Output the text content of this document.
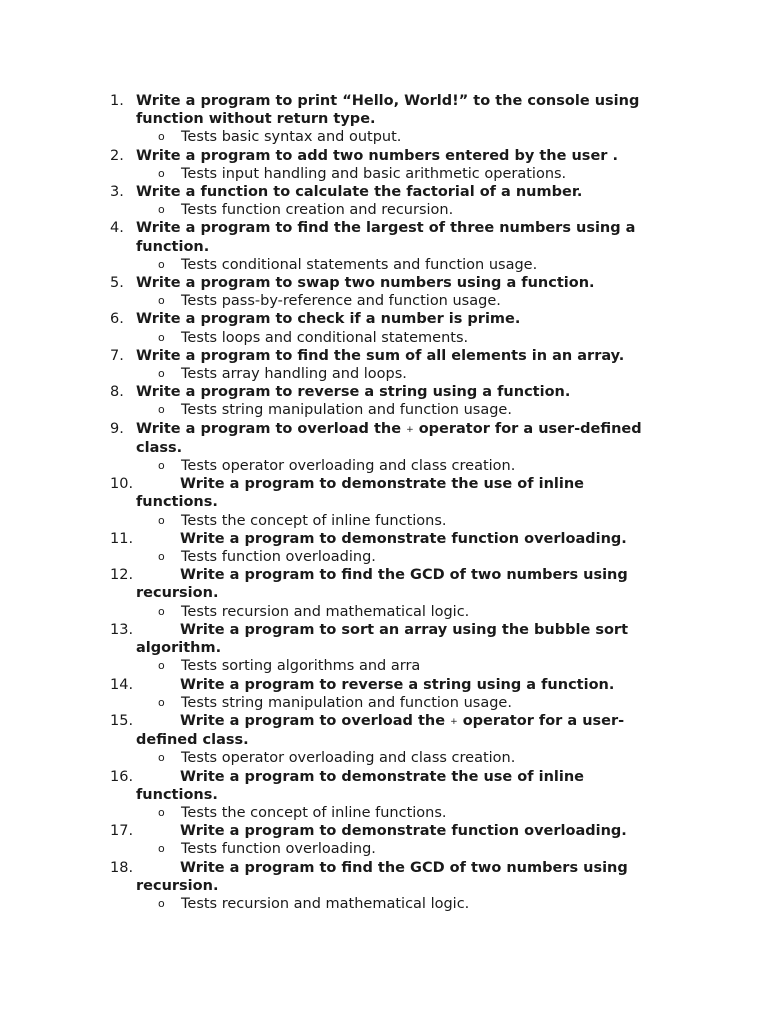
1. Write a program to print “Hello, World!” to the console using function without return type.
o Tests basic syntax and output.
2. Write a program to add two numbers entered by the user .
o Tests input handling and basic arithmetic operations.
3. Write a function to calculate the factorial of a number.
o Tests function creation and recursion.
4. Write a program to find the largest of three numbers using a function.
o Tests conditional statements and function usage.
5. Write a program to swap two numbers using a function.
o Tests pass-by-reference and function usage.
6. Write a program to check if a number is prime.
o Tests loops and conditional statements.
7. Write a program to find the sum of all elements in an array.
o Tests array handling and loops.
8. Write a program to reverse a string using a function.
o Tests string manipulation and function usage.
9. Write a program to overload the + operator for a user-defined class.
o Tests operator overloading and class creation.
10.	Write a program to demonstrate the use of inline functions.
o Tests the concept of inline functions.
11.	Write a program to demonstrate function overloading.
o Tests function overloading.
12.	Write a program to find the GCD of two numbers using recursion.
o Tests recursion and mathematical logic.
13.	Write a program to sort an array using the bubble sort algorithm.
o Tests sorting algorithms and arra
14.	Write a program to reverse a string using a function.
o Tests string manipulation and function usage.
15.	Write a program to overload the + operator for a user-defined class.
o Tests operator overloading and class creation.
16.	Write a program to demonstrate the use of inline functions.
o Tests the concept of inline functions.
17.	Write a program to demonstrate function overloading.
o Tests function overloading.
18.	Write a program to find the GCD of two numbers using recursion.
o Tests recursion and mathematical logic.
